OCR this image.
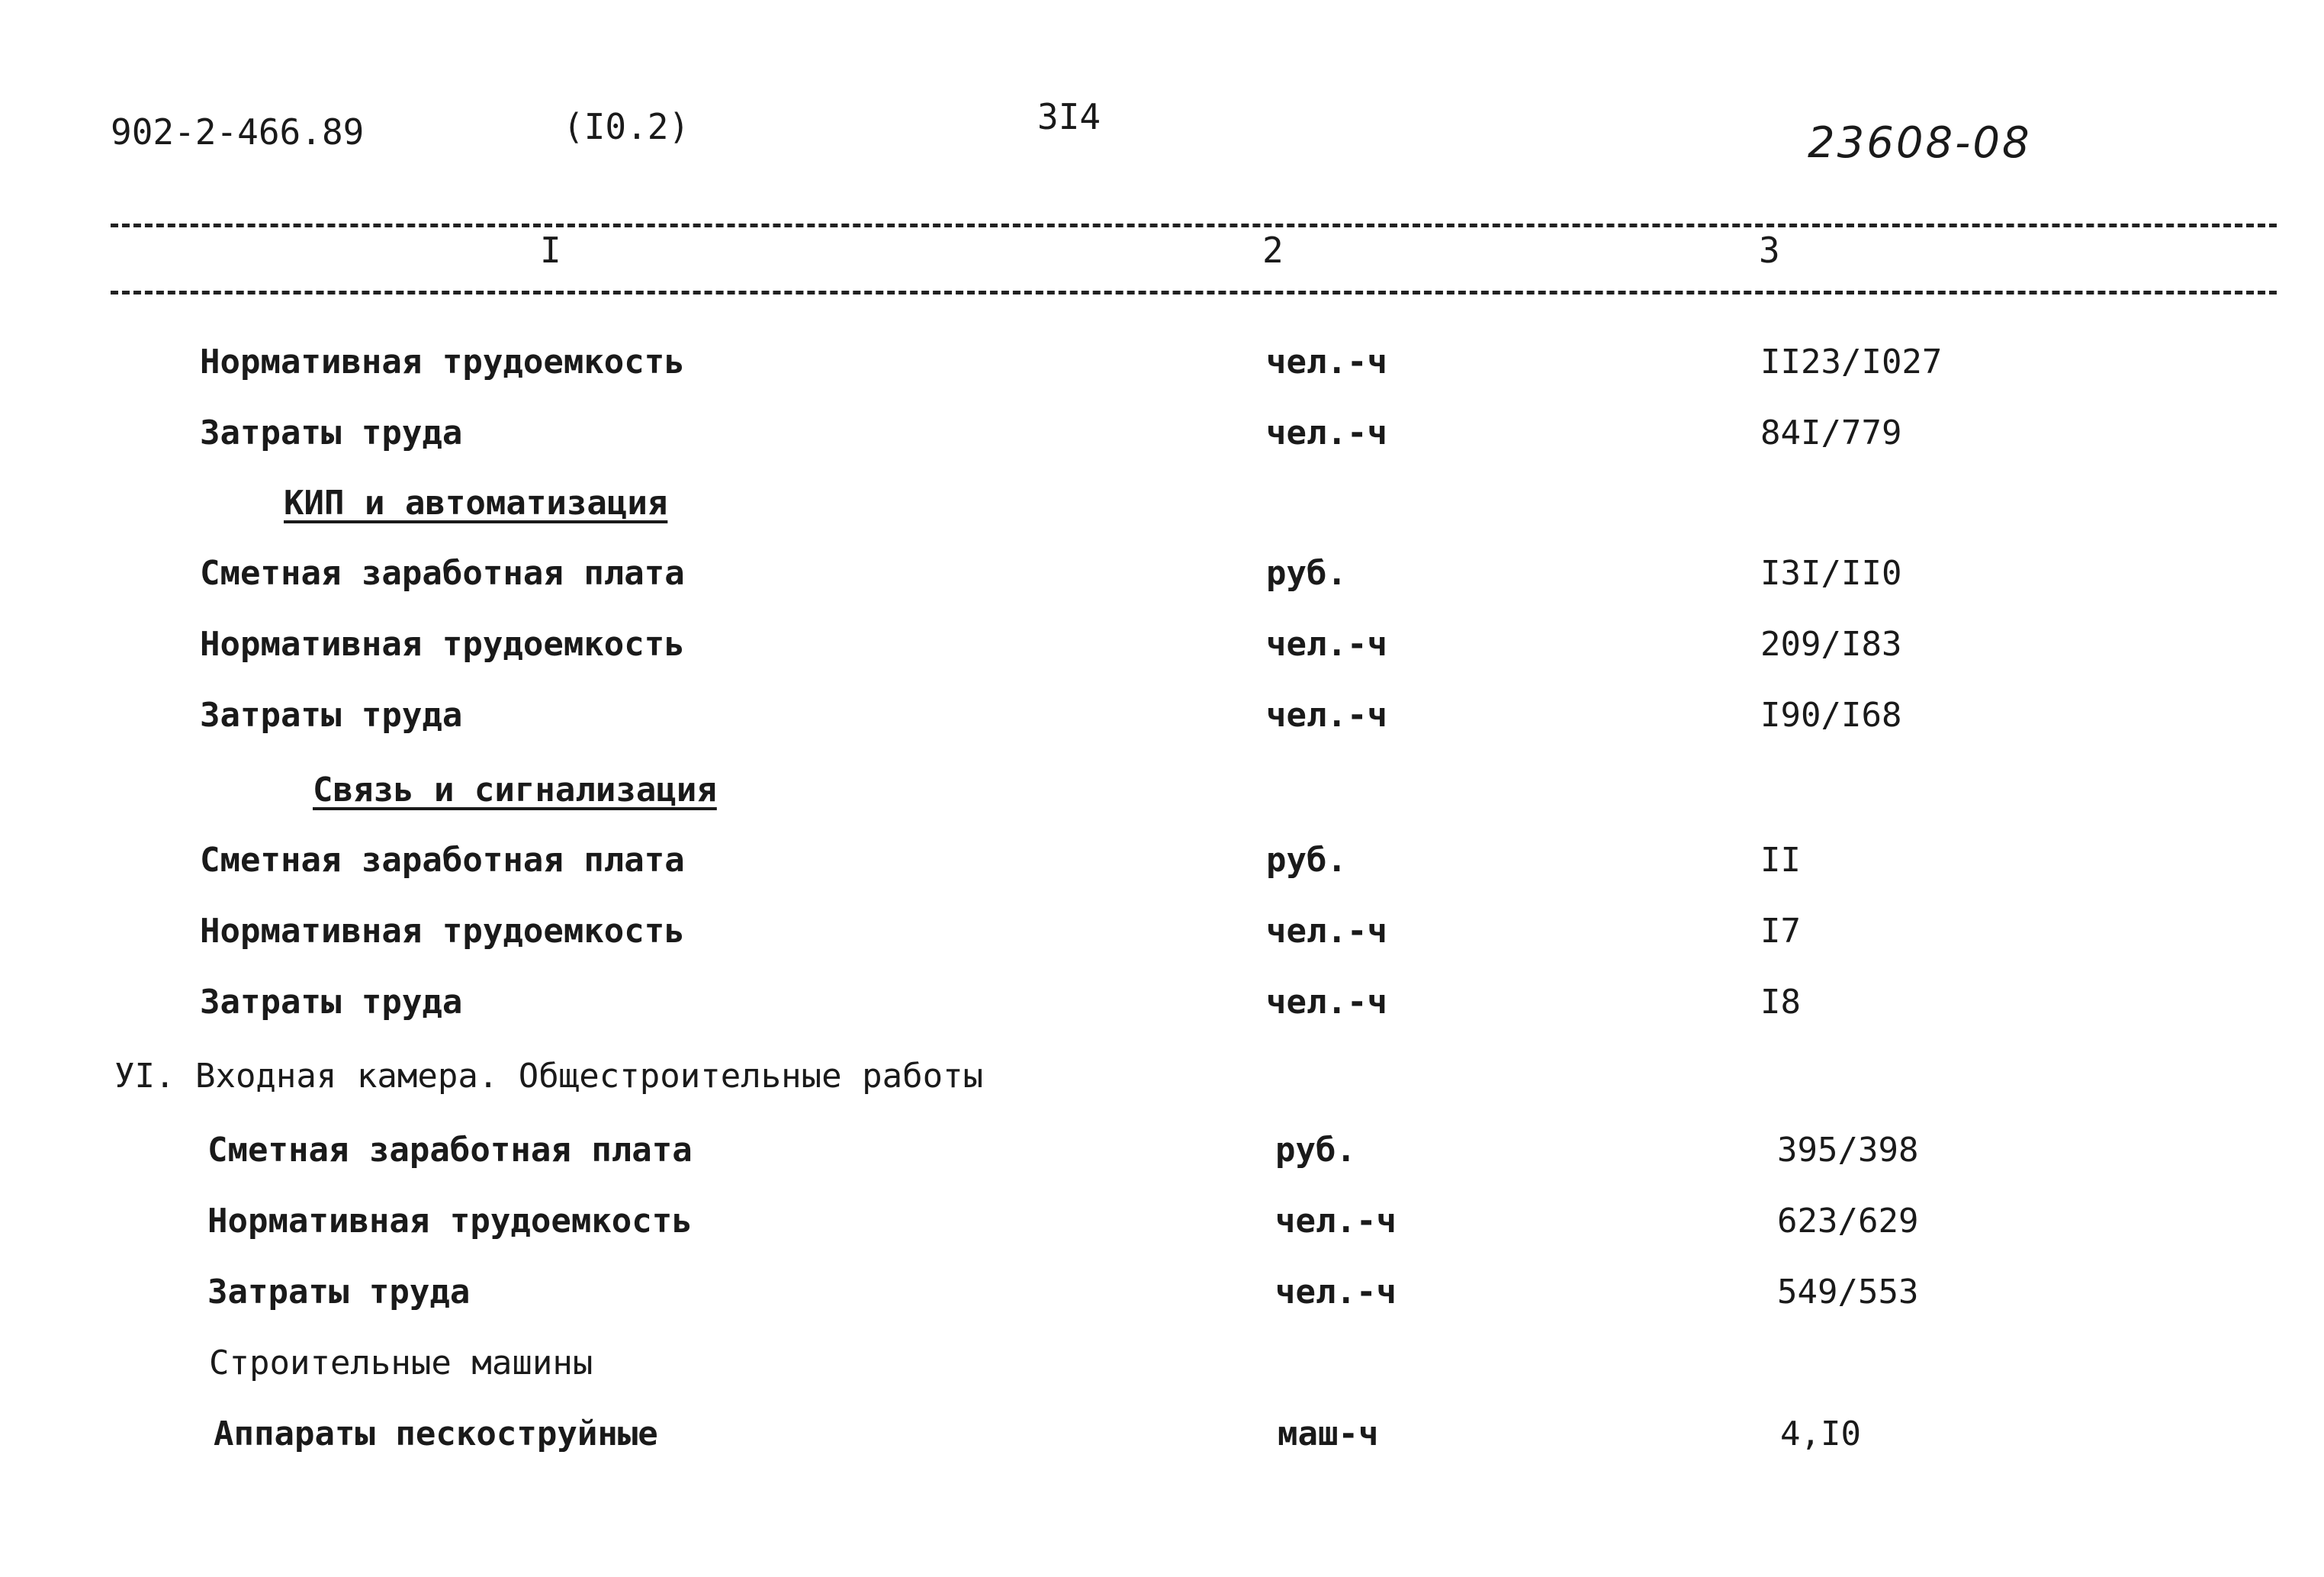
902-2-466.89	(I0.2)	3I4
23608-08
I	2	3
Нормативная трудоемкость	чел.-ч	II23/I027
Затраты труда	чел.-ч	84I/779
КИП и автоматизация
Сметная заработная плата	руб.	I3I/II0
Нормативная трудоемкость	чел.-ч	209/I83
Затраты труда	чел.-ч	I90/I68
Связь и сигнализация
Сметная заработная плата	руб.	II
Нормативная трудоемкость	чел.-ч	I7
Затраты труда	чел.-ч	I8
УI. Входная камера. Общестроительные работы
Сметная заработная плата	руб.	395/398
Нормативная трудоемкость	чел.-ч	623/629
Затраты труда	чел.-ч	549/553
Строительные машины
Аппараты пескоструйные	маш-ч	4,I0
